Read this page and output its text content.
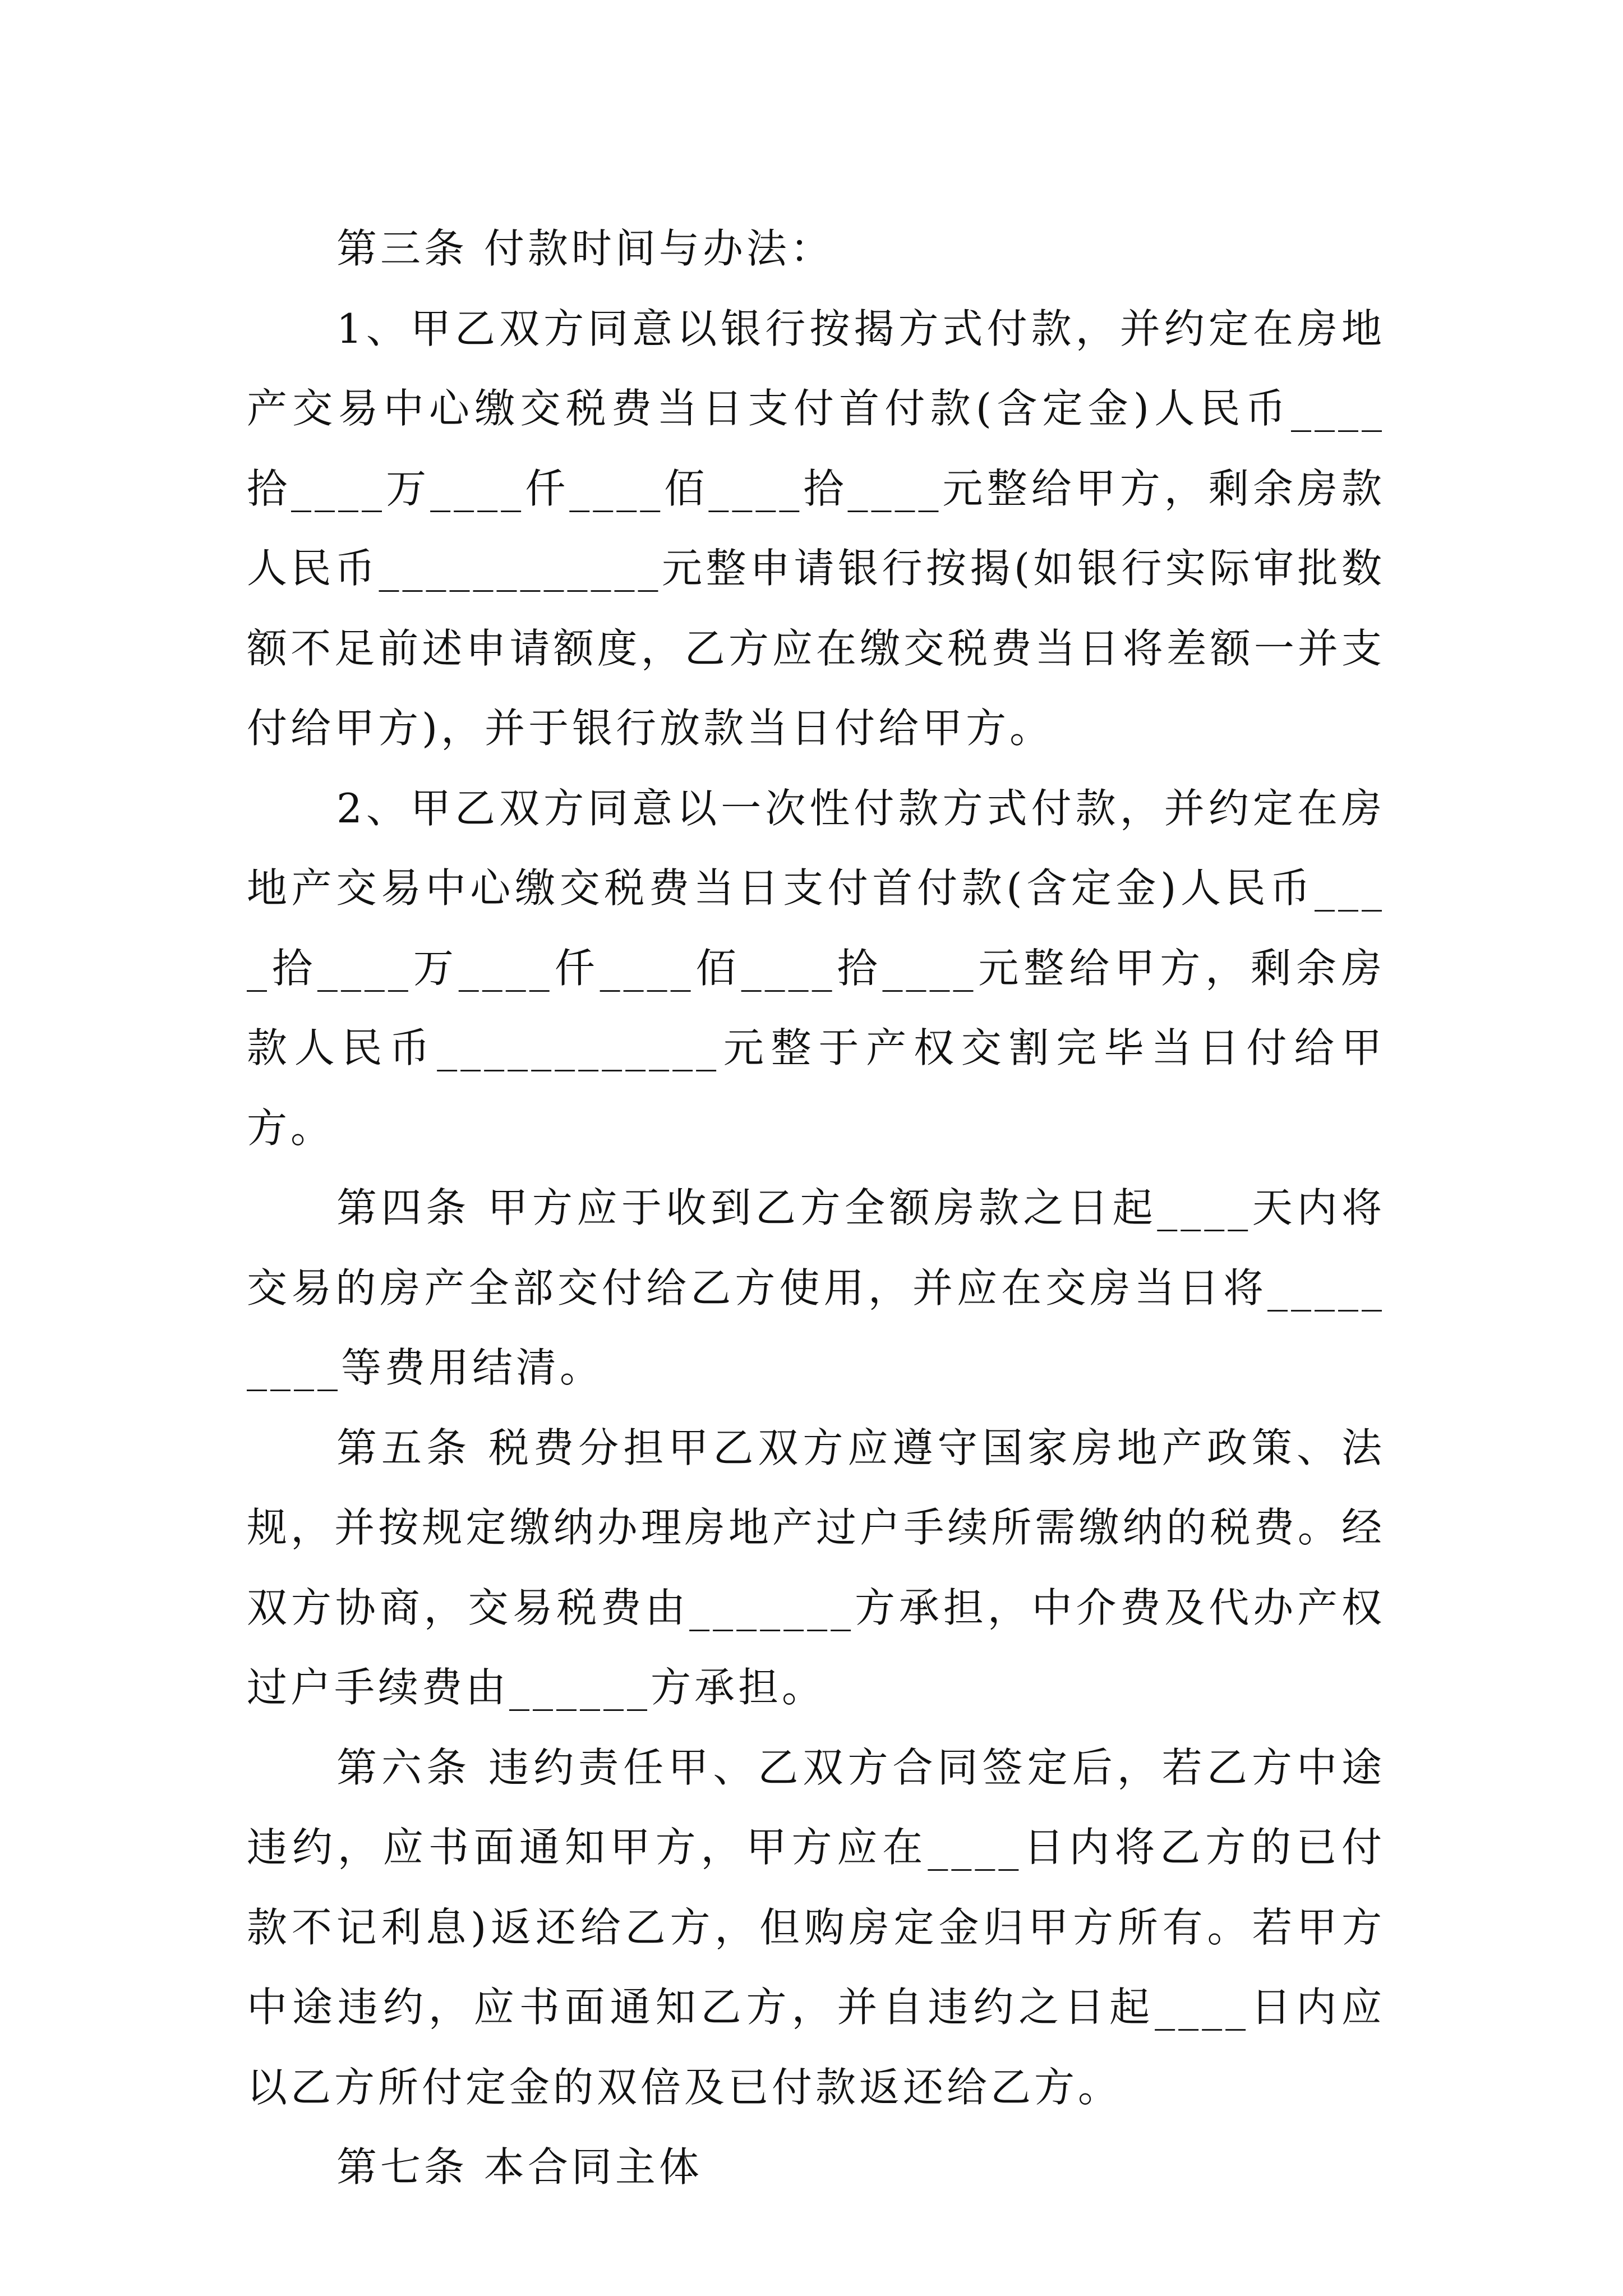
第三条 付款时间与办法：

1、甲乙双方同意以银行按揭方式付款，并约定在房地产交易中心缴交税费当日支付首付款(含定金)人民币____拾____万____仟____佰____拾____元整给甲方，剩余房款人民币____________元整申请银行按揭(如银行实际审批数额不足前述申请额度，乙方应在缴交税费当日将差额一并支付给甲方)，并于银行放款当日付给甲方。

2、甲乙双方同意以一次性付款方式付款，并约定在房地产交易中心缴交税费当日支付首付款(含定金)人民币____拾____万____仟____佰____拾____元整给甲方，剩余房款人民币____________元整于产权交割完毕当日付给甲方。

第四条 甲方应于收到乙方全额房款之日起____天内将交易的房产全部交付给乙方使用，并应在交房当日将_________等费用结清。

第五条 税费分担甲乙双方应遵守国家房地产政策、法规，并按规定缴纳办理房地产过户手续所需缴纳的税费。经双方协商，交易税费由_______方承担，中介费及代办产权过户手续费由______方承担。

第六条 违约责任甲、乙双方合同签定后，若乙方中途违约，应书面通知甲方，甲方应在____日内将乙方的已付款不记利息)返还给乙方，但购房定金归甲方所有。若甲方中途违约，应书面通知乙方，并自违约之日起____日内应以乙方所付定金的双倍及已付款返还给乙方。

第七条 本合同主体
